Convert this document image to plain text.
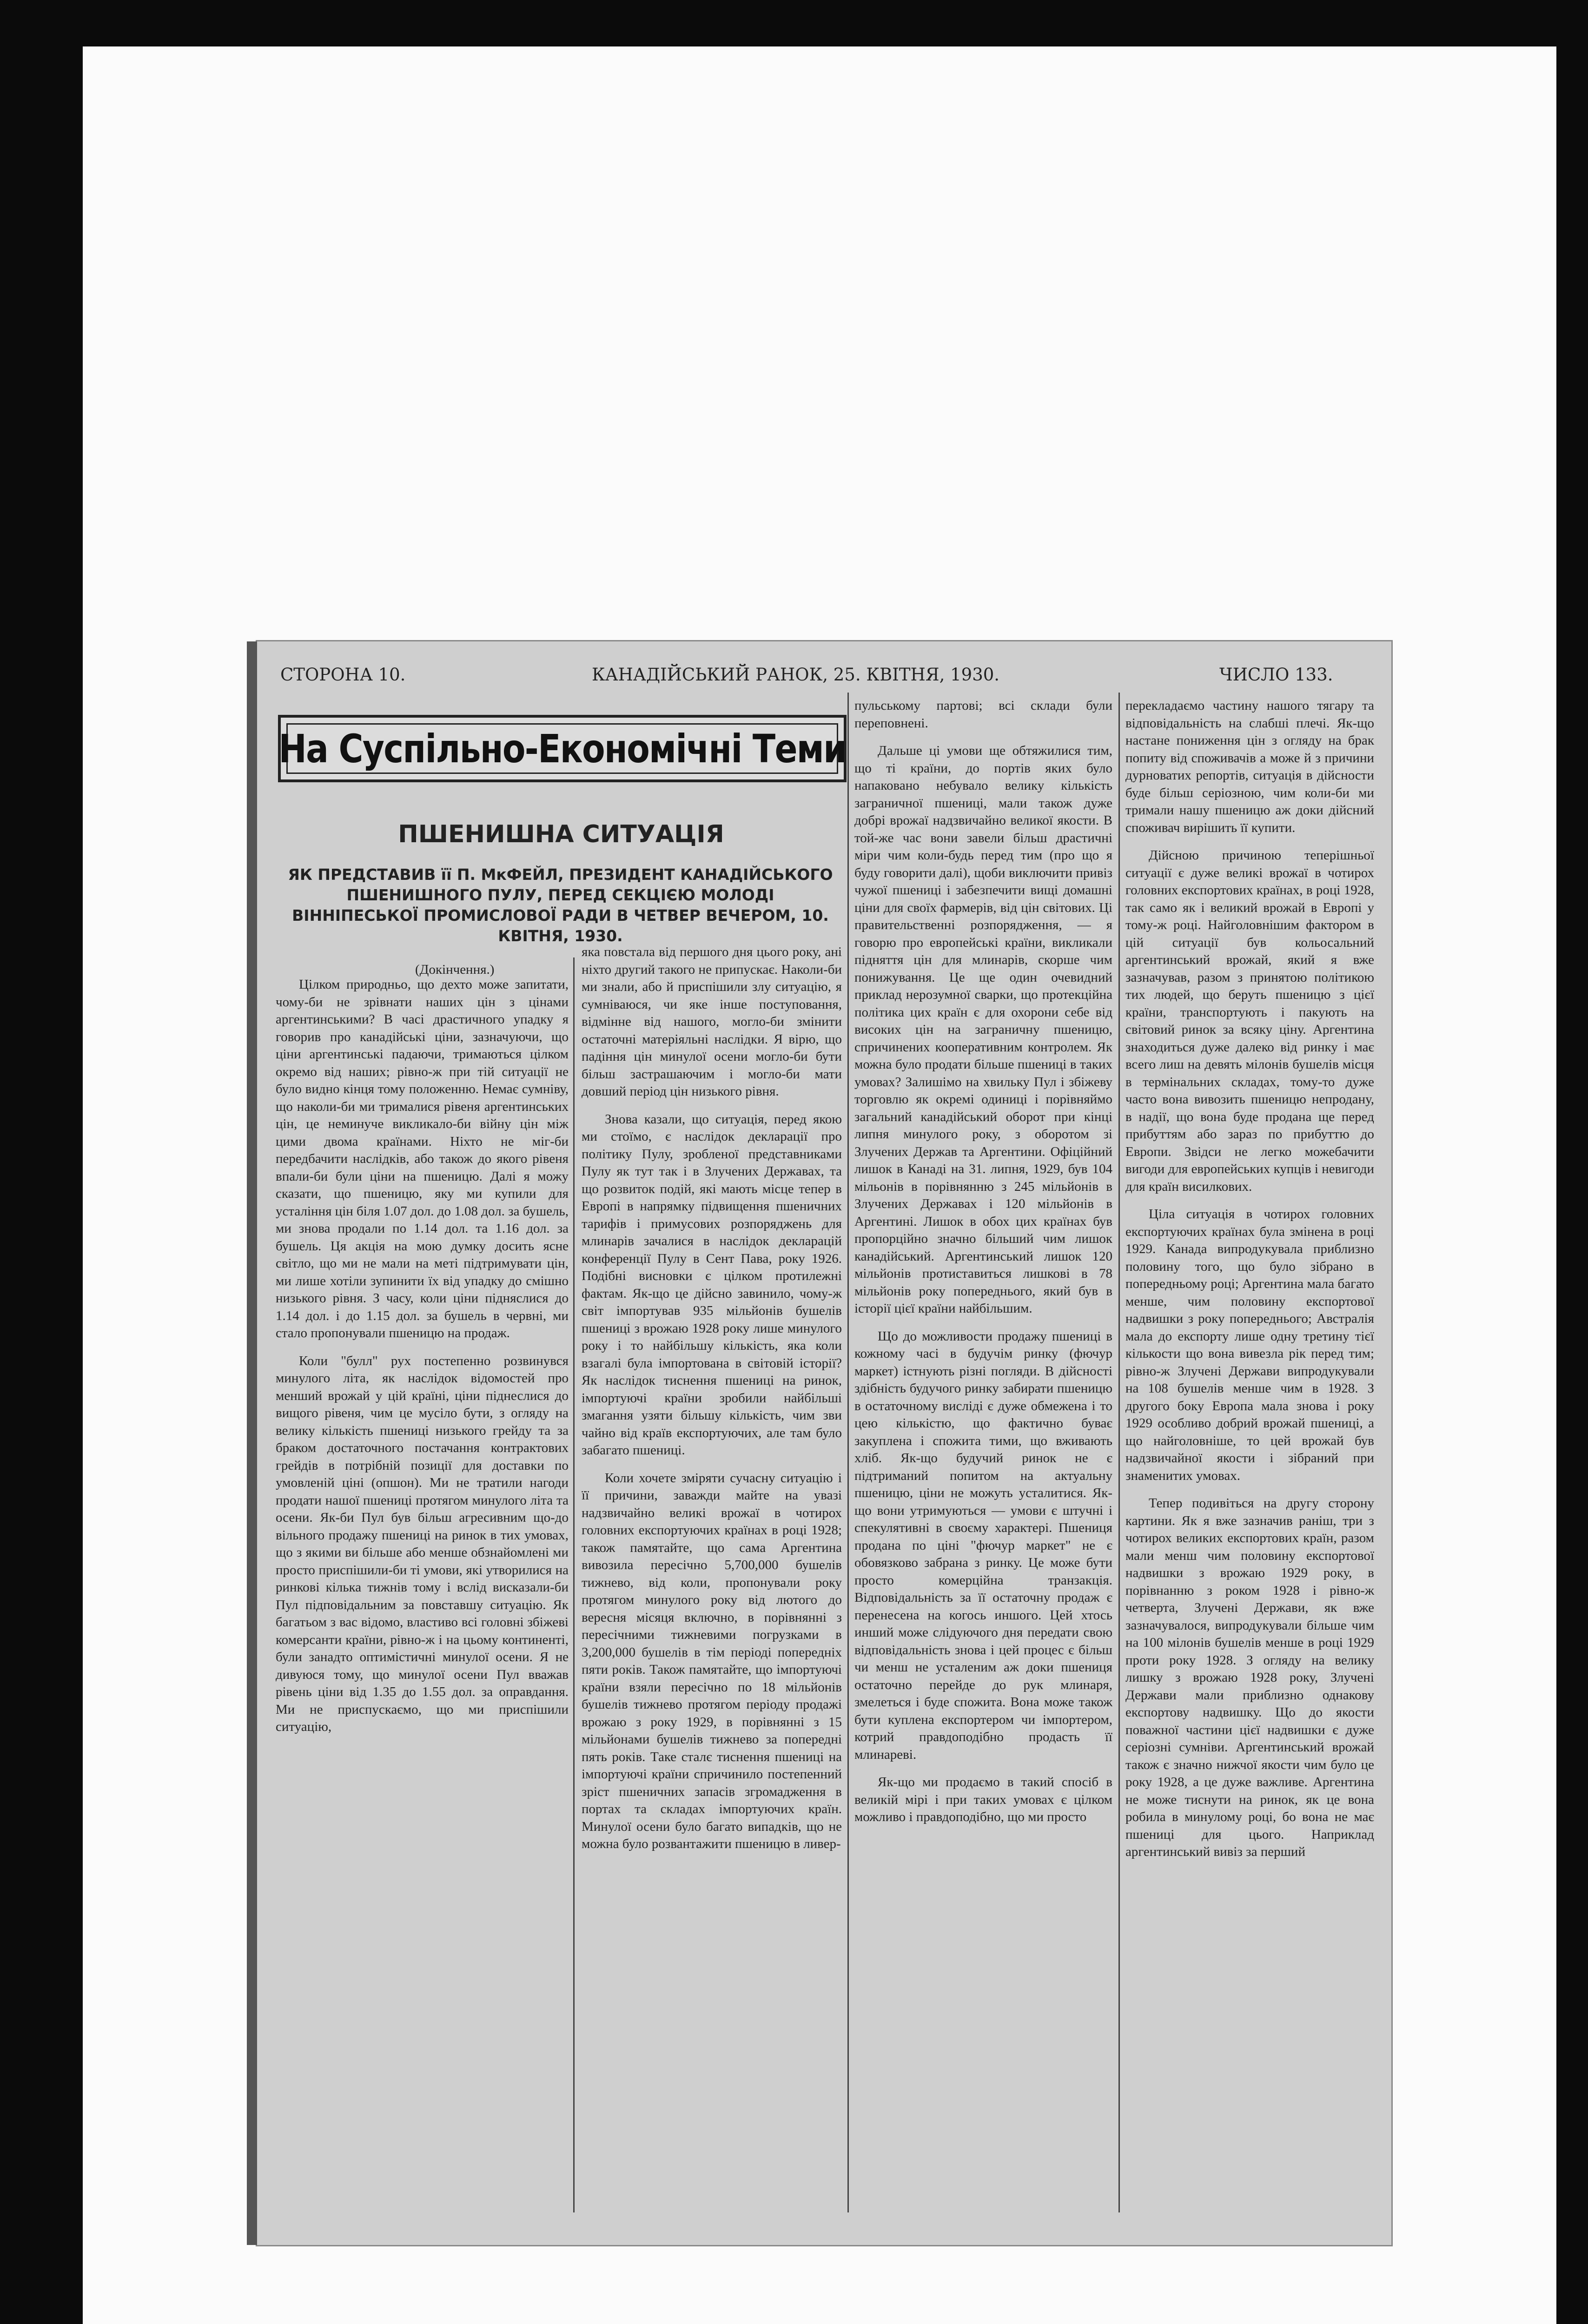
СТОРОНА 10.	КАНАДІЙСЬКИЙ РАНОК, 25. КВІТНЯ, 1930.	ЧИСЛО 133.
На Суспільно-Економічні Теми
ПШЕНИШНА СИТУАЦІЯ
ЯК ПРЕДСТАВИВ її П. МкФЕЙЛ, ПРЕЗИДЕНТ КАНАДІЙСЬКОГО ПШЕНИШНОГО ПУЛУ, ПЕРЕД СЕКЦІЄЮ МОЛОДІ ВІННІПЕСЬКОЇ ПРОМИСЛОВОЇ РАДИ В ЧЕТВЕР ВЕЧЕРОМ, 10. КВІТНЯ, 1930.
(Докінчення.)

Цілком природньо, що дехто може запитати, чому-би не зрівнати наших цін з цінами аргентинськими? В часі драстичного упадку я говорив про канадійські ціни, зазначуючи, що ціни аргентинські падаючи, тримаються цілком окремо від наших; рівно-ж при тій ситуації не було видно кінця тому положенню. Немає сумніву, що наколи-би ми трималися рівеня аргентинських цін, це неминуче викликало-би війну цін між цими двома країнами. Ніхто не міг-би передбачити наслідків, або також до якого рівеня впали-би були ціни на пшеницю. Далі я можу сказати, що пшеницю, яку ми купили для устаління цін біля 1.07 дол. до 1.08 дол. за бушель, ми знова продали по 1.14 дол. та 1.16 дол. за бушель. Ця акція на мою думку досить ясне світло, що ми не мали на меті підтримувати цін, ми лише хотіли зупинити їх від упадку до смішно низького рівня. З часу, коли ціни підняслися до 1.14 дол. і до 1.15 дол. за бушель в червні, ми стало пропонували пшеницю на продаж.

Коли "булл" рух постепенно розвинувся минулого літа, як наслідок відомостей про менший врожай у цій країні, ціни піднеслися до вищого рівеня, чим це мусіло бути, з огляду на велику кількість пшениці низького грейду та за браком достаточного постачання контрактових грейдів в потрібній позиції для доставки по умовленій ціні (опшон). Ми не тратили нагоди продати нашої пшениці протягом минулого літа та осени. Як-би Пул був більш агресивним що-до вільного продажу пшениці на ринок в тих умовах, що з якими ви більше або менше обзнайомлені ми просто приспішили-би ті умови, які утворилися на ринкові кілька тижнів тому і вслід висказали-би Пул підповідальним за повставшу ситуацію. Як багатьом з вас відомо, властиво всі головні збіжеві комерсанти країни, рівно-ж і на цьому континенті, були занадто оптимістичні минулої осени. Я не дивуюся тому, що минулої осени Пул вважав рівень ціни від 1.35 до 1.55 дол. за оправдання. Ми не приспускаємо, що ми приспішили ситуацію,

яка повстала від першого дня цього року, ані ніхто другий такого не припускає. Наколи-би ми знали, або й приспішили злу ситуацію, я сумніваюся, чи яке інше поступовання, відмінне від нашого, могло-би змінити остаточні матеріяльні наслідки. Я вірю, що падіння цін минулої осени могло-би бути більш застрашаючим і могло-би мати довший період цін низького рівня.

Знова казали, що ситуація, перед якою ми стоїмо, є наслідок декларації про політику Пулу, зробленої представниками Пулу як тут так і в Злучених Державах, та що розвиток подій, які мають місце тепер в Европі в напрямку підвищення пшеничних тарифів і примусових розпоряджень для млинарів зачалися в наслідок декларацій конференції Пулу в Сент Пава, року 1926. Подібні висновки є цілком протилежні фактам. Як-що це дійсно завинило, чому-ж світ імпортував 935 мільйонів бушелів пшениці з врожаю 1928 року лише минулого року і то найбільшу кількість, яка коли взагалі була імпортована в світовій історії? Як наслідок тиснення пшениці на ринок, імпортуючі країни зробили найбільші змагання узяти більшу кількість, чим зви чайно від країв експортуючих, але там було забагато пшениці.

Коли хочете зміряти сучасну ситуацію і її причини, заважди майте на увазі надзвичайно великі врожаї в чотирох головних експортуючих країнах в році 1928; також памятайте, що сама Аргентина вивозила пересічно 5,700,000 бушелів тижнево, від коли, пропонували року протягом минулого року від лютого до вересня місяця включно, в порівнянні з пересічними тижневими погрузками в 3,200,000 бушелів в тім періоді попередніх пяти років. Також памятайте, що імпортуючі країни взяли пересічно по 18 мільйонів бушелів тижнево протягом періоду продажі врожаю з року 1929, в порівнянні з 15 мільйонами бушелів тижнево за попередні пять років. Таке сталє тиснення пшениці на імпортуючі країни спричинило постепенний зріст пшеничних запасів згромадження в портах та складах імпортуючих країн. Минулої осени було багато випадків, що не можна було розвантажити пшеницю в ливер-

пульському партові; всі склади були переповнені.

Дальше ці умови ще обтяжилися тим, що ті країни, до портів яких було напаковано небувало велику кількість заграничної пшениці, мали також дуже добрі врожаї надзвичайно великої якости. В той-же час вони завели більш драстичні міри чим коли-будь перед тим (про що я буду говорити далі), щоби виключити привіз чужої пшениці і забезпечити вищі домашні ціни для своїх фармерів, від цін світових. Ці правительственні розпорядження, — я говорю про европейські країни, викликали підняття цін для млинарів, скорше чим понижування. Це ще один очевидний приклад нерозумної сварки, що протекційна політика цих країн є для охорони себе від високих цін на заграничну пшеницю, спричинених кооперативним контролем. Як можна було продати більше пшениці в таких умовах? Залишімо на хвильку Пул і збіжеву торговлю як окремі одиниці і порівняймо загальний канадійський оборот при кінці липня минулого року, з оборотом зі Злучених Держав та Аргентини. Офіційний лишок в Канаді на 31. липня, 1929, був 104 мільонів в порівнянню з 245 мільйонів в Злучених Державах і 120 мільйонів в Аргентині. Лишок в обох цих країнах був пропорційно значно більший чим лишок канадійський. Аргентинський лишок 120 мільйонів протиставиться лишкові в 78 мільйонів року попереднього, який був в історії цієї країни найбільшим.

Що до можливости продажу пшениці в кожному часі в будучім ринку (фючур маркет) істнують різні погляди. В дійсності здібність будучого ринку забирати пшеницю в остаточному висліді є дуже обмежена і то цею кількістю, що фактично буває закуплена і спожита тими, що вживають хліб. Як-що будучий ринок не є підтриманий попитом на актуальну пшеницю, ціни не можуть усталитися. Як-що вони утримуються — умови є штучні і спекулятивні в своєму характері. Пшениця продана по ціні "фючур маркет" не є обовязково забрана з ринку. Це може бути просто комерційна транзакція. Відповідальність за її остаточну продаж є перенесена на когось иншого. Цей хтось инший може слідуючого дня передати свою відповідальність знова і цей процес є більш чи менш не усталеним аж доки пшениця остаточно перейде до рук млинаря, змелеться і буде спожита. Вона може також бути куплена експортером чи імпортером, котрий правдоподібно продасть її млинареві.

Як-що ми продаємо в такий спосіб в великій мірі і при таких умовах є цілком можливо і правдоподібно, що ми просто

перекладаємо частину нашого тягару та відповідальність на слабші плечі. Як-що настане пониження цін з огляду на брак попиту від споживачів а може й з причини дурноватих репортів, ситуація в дійсности буде більш серіозною, чим коли-би ми тримали нашу пшеницю аж доки дійсний споживач вирішить її купити.

Дійсною причиною теперішньої ситуації є дуже великі врожаї в чотирох головних експортових країнах, в році 1928, так само як і великий врожай в Европі у тому-ж році. Найголовнішим фактором в цій ситуації був кольосальний аргентинський врожай, який я вже зазначував, разом з принятою політикою тих людей, що беруть пшеницю з цієї країни, транспортують і пакують на світовий ринок за всяку ціну. Аргентина знаходиться дуже далеко від ринку і має всего лиш на девять мілонів бушелів місця в термінальних складах, тому-то дуже часто вона вивозить пшеницю непродану, в надії, що вона буде продана ще перед прибуттям або зараз по прибуттю до Европи. Звідси не легко можебачити вигоди для европейських купців і невигоди для країн висилкових.

Ціла ситуація в чотирох головних експортуючих країнах була змінена в році 1929. Канада випродукувала приблизно половину того, що було зібрано в попередньому році; Аргентина мала багато менше, чим половину експортової надвишки з року попереднього; Австралія мала до експорту лише одну третину тієї кількости що вона вивезла рік перед тим; рівно-ж Злучені Держави випродукували на 108 бушелів менше чим в 1928. З другого боку Европа мала знова і року 1929 особливо добрий врожай пшениці, а що найголовніше, то цей врожай був надзвичайної якости і зібраний при знаменитих умовах.

Тепер подивіться на другу сторону картини. Як я вже зазначив раніш, три з чотирох великих експортових країн, разом мали менш чим половину експортової надвишки з врожаю 1929 року, в порівнанню з роком 1928 і рівно-ж четверта, Злучені Держави, як вже зазначувалося, випродукували більше чим на 100 мілонів бушелів менше в році 1929 проти року 1928. З огляду на велику лишку з врожаю 1928 року, Злучені Держави мали приблизно однакову експортову надвишку. Що до якости поважної частини цієї надвишки є дуже серіозні сумніви. Аргентинський врожай також є значно нижчої якости чим було це року 1928, а це дуже важливе. Аргентина не може тиснути на ринок, як це вона робила в минулому році, бо вона не має пшениці для цього. Наприклад аргентинський вивіз за перший
